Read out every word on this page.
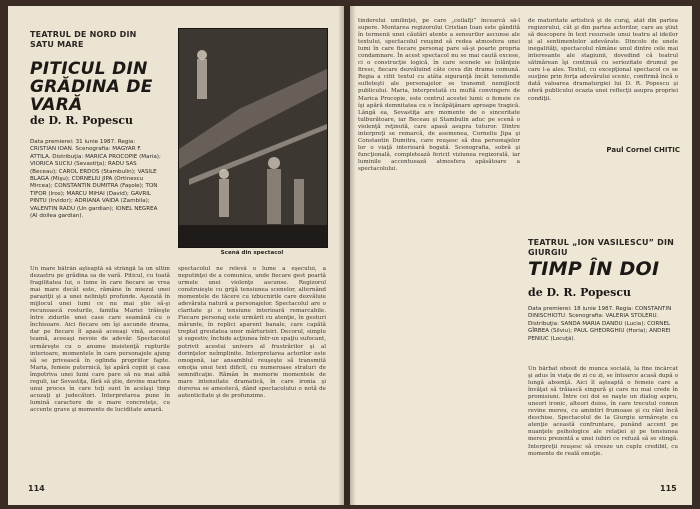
TEATRUL DE NORD DIN SATU MARE
PITICUL DIN GRĂDINA DE VARĂ
de D. R. Popescu
Data premierei: 31 iunie 1987. Regia: CRISTIAN IOAN. Scenografia: MAGYAR F. ATTILA. Distribuţia: MARICA PROCOPIE (Maria); VIORICA SUCIU (Sevastiţa); RADU SAS (Beceau); CAROL ERDOS (Stambulin); VASILE BLAGA (Mişu); CORNELIU JIPA (Ortinescu Mircea); CONSTANTIN DUMITRA (Faşole); TON TIFOR (Iros); MARCU MIHAI (David); GAVRIL PINTU (Irvidor); ADRIANA VAIDA (Zambila); VALENTIN RADU (Un gardian); IONEL NEGREA (Al doilea gardian).
Scenă din spectacol

Un mare bătrân aşteaptă să strângă la un ultim dezastru pe grădina sa de vară. Piticul, cu toată fragilitatea lui, o lume în care fiecare se vrea mai mare decât este, rămâne în miezul unei paraziţii şi a unei nelinişti profunde. Aşezată în mijlocul unei lumi ce nu mai ştie să-şi recunoască rosturile, familia Mariei trăieşte între zidurile unei case care seamănă cu o închisoare. Aici fiecare om îşi ascunde drama, dar pe fiecare îl apasă aceeaşi vină, aceeaşi teamă, aceeaşi nevoie de adevăr. Spectacolul urmăreşte cu o anume insistenţă rupturile interioare, momentele în care personajele ajung să se privească în oglinda propriilor fapte. Maria, femeie puternică, îşi apără copiii şi casa împotriva unei lumi care pare să nu mai aibă reguli, iar Sevastiţa, fără să ştie, devine martora unui proces în care toţi sunt în acelaşi timp acuzaţi şi judecători. Interpretarea pune în lumină caractere de o mare concreteţe, cu accente grave şi momente de luciditate amară.

spectacolul ne relevă o lume a eşecului, a neputinţei de a comunica, unde fiecare gest poartă urmele unei violenţe ascunse. Regizorul construieşte cu grijă tensiunea scenelor, alternând momentele de tăcere cu izbucnirile care dezvăluie adevărata natură a personajelor. Spectacolul are o claritate şi o tensiune interioară remarcabile. Fiecare personaj este urmărit cu atenţie, în gesturi mărunte, în replici aparent banale, care capătă treptat greutatea unor mărturisiri. Decorul, simplu şi sugestiv, închide acţiunea într-un spaţiu sufocant, potrivit acestui univers al frustrărilor şi al dorinţelor neîmplinite. Interpretarea actorilor este omogenă, iar ansamblul reuşeşte să transmită emoţia unui text dificil, cu numeroase straturi de semnificaţie. Rămân în memorie momentele de mare intensitate dramatică, în care ironia şi durerea se amestecă, dând spectacolului o notă de autenticitate şi de profunzime.

114

tinderelui umilinţei, pe care „ceilalţi” încearcă să-l supere. Montarea regizorului Cristian Ioan este gândită în termenii unei căutări atente a sensurilor ascunse ale textului, spectacolul reuşind să redea atmosfera unei lumi în care fiecare personaj pare să-şi poarte propria condamnare. În acest spectacol nu se mai caută excese, ci o construcţie logică, în care scenele se înlănţuie firesc, fiecare dezvăluind câte ceva din drama comună. Regia a citit textul cu atâta siguranţă încât tensiunile sufleteşti ale personajelor se transmit nemijlocit publicului. Maria, interpretată cu multă convingere de Marica Procopie, este centrul acestei lumi: o femeie ce îşi apără demnitatea cu o încăpăţânare aproape tragică. Lângă ea, Sevastiţa are momente de o sinceritate tulburătoare, iar Beceau şi Stambulin aduc pe scenă o violenţă reţinută, care apasă asupra tuturor. Dintre interpreţi se remarcă, de asemenea, Corneliu Jipa şi Constantin Dumitra, care reuşesc să dea personajelor lor o viaţă interioară bogată. Scenografia, sobră şi funcţională, completează fericit viziunea regizorală, iar luminile accentuează atmosfera apăsătoare a spectacolului.

de maturitate artistică şi de curaj, atât din partea regizorului, cât şi din partea actorilor, care au ştiut să descopere în text resursele unui teatru al ideilor şi al sentimentelor adevărate. Dincolo de unele inegalităţi, spectacolul rămâne unul dintre cele mai interesante ale stagiunii, dovedind că teatrul sătmărean îşi continuă cu seriozitate drumul pe care l-a ales. Textul, cu excepţional spectacol ce se susţine prin forţa adevărului scenic, confirmă încă o dată valoarea dramaturgiei lui D. R. Popescu şi oferă publicului ocazia unei reflecţii asupra propriei condiţii.

Paul Cornel CHITIC
TEATRUL „ION VASILESCU” DIN GIURGIU
TIMP ÎN DOI
de D. R. Popescu
Data premierei: 18 iunie 1987. Regia: CONSTANTIN DINISCHIOTU. Scenografia: VALERIA STOLERU. Distribuţia: SANDA MARIA DANDU (Lucia); CORNEL GÎRBEA (Silviu); PAUL GHEORGHIU (Horia); ANDREI PENIUC (Locuţă).

Un bărbat obosit de munca socială, la fine încărcat şi adus în viaţa de zi cu zi, se întoarce acasă după o lungă absenţă. Aici îl aşteaptă o femeie care a învăţat să trăiască singură şi care nu mai crede în promisiuni. Între cei doi se naşte un dialog aspru, uneori ironic, alteori duios, în care trecutul comun revine mereu, cu amintiri frumoase şi cu răni încă deschise. Spectacolul de la Giurgiu urmăreşte cu atenţie această confruntare, punând accent pe nuanţele psihologice ale relaţiei şi pe tensiunea mereu prezentă a unei iubiri ce refuză să se stingă. Interpreţii reuşesc să creeze un cuplu credibil, cu momente de reală emoţie.

115
